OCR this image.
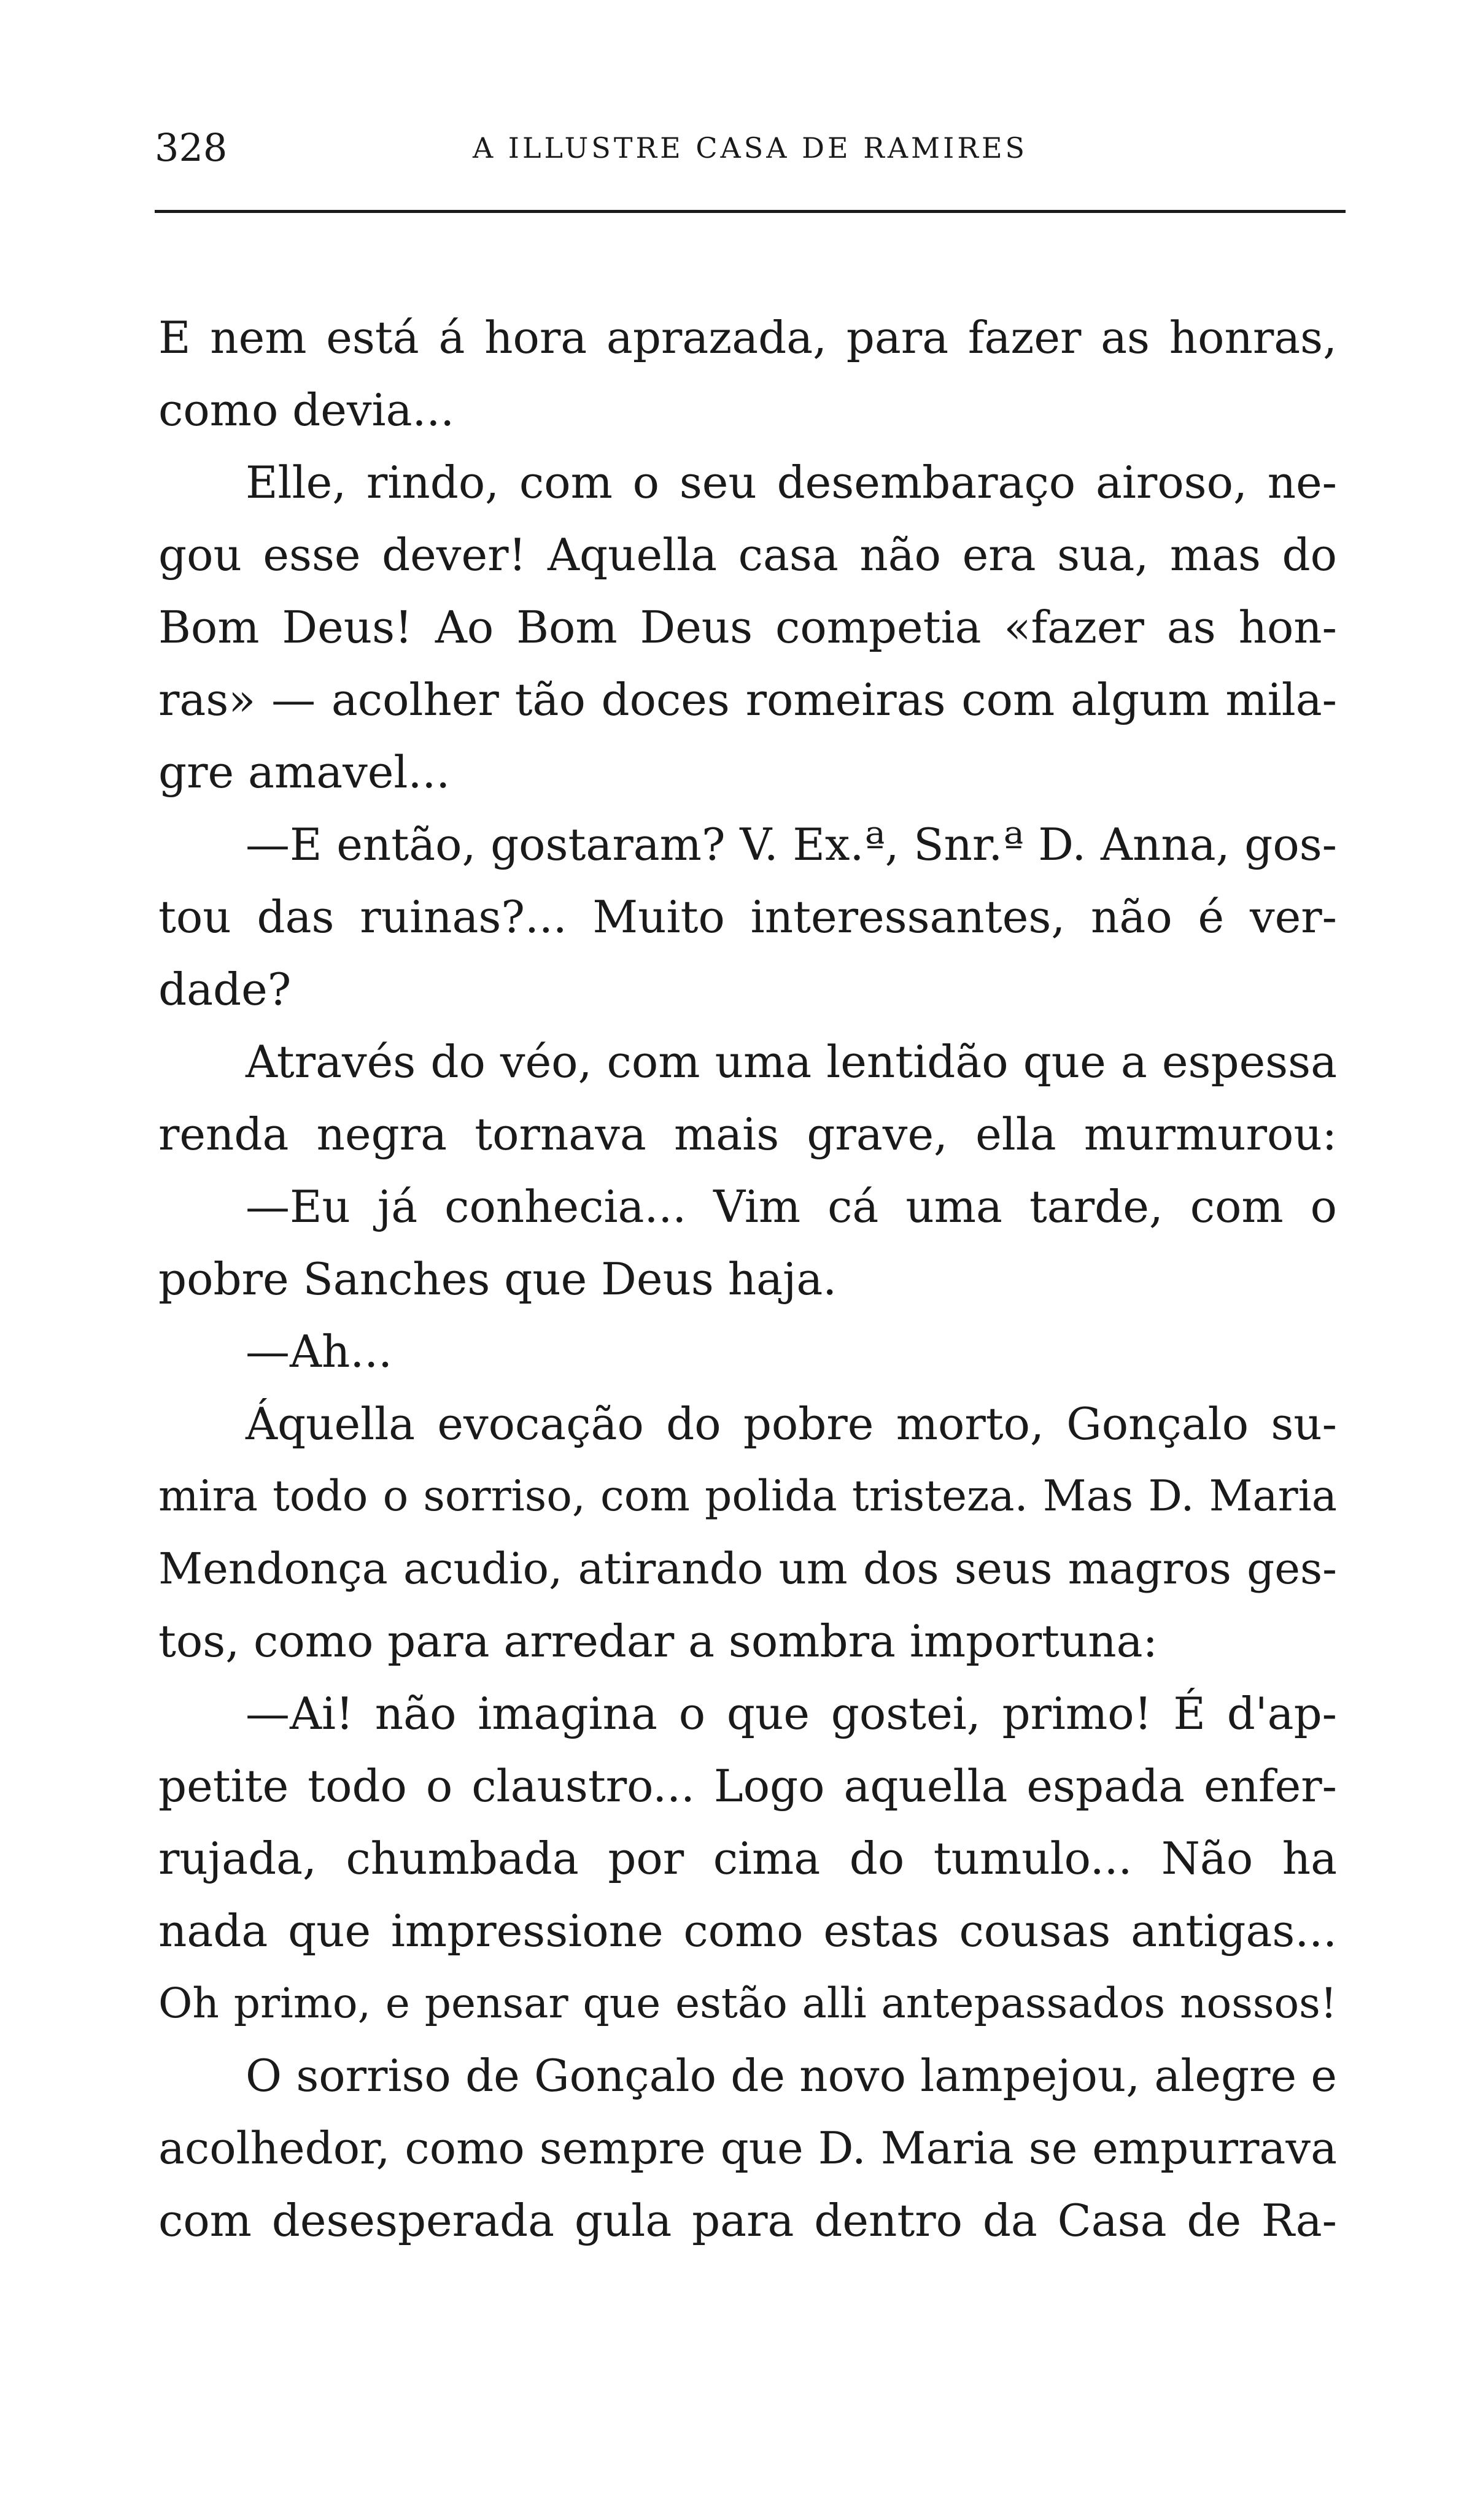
328	A ILLUSTRE CASA DE RAMIRES
E nem está á hora aprazada, para fazer as honras,
como devia...
Elle, rindo, com o seu desembaraço airoso, ne-
gou esse dever! Aquella casa não era sua, mas do
Bom Deus! Ao Bom Deus competia «fazer as hon-
ras» — acolher tão doces romeiras com algum mila-
gre amavel...
—E então, gostaram? V. Ex.ª, Snr.ª D. Anna, gos-
tou das ruinas?... Muito interessantes, não é ver-
dade?
Através do véo, com uma lentidão que a espessa
renda negra tornava mais grave, ella murmurou:
—Eu já conhecia... Vim cá uma tarde, com o
pobre Sanches que Deus haja.
—Ah...
Áquella evocação do pobre morto, Gonçalo su-
mira todo o sorriso, com polida tristeza. Mas D. Maria
Mendonça acudio, atirando um dos seus magros ges-
tos, como para arredar a sombra importuna:
—Ai! não imagina o que gostei, primo! É d'ap-
petite todo o claustro... Logo aquella espada enfer-
rujada, chumbada por cima do tumulo... Não ha
nada que impressione como estas cousas antigas...
Oh primo, e pensar que estão alli antepassados nossos!
O sorriso de Gonçalo de novo lampejou, alegre e
acolhedor, como sempre que D. Maria se empurrava
com desesperada gula para dentro da Casa de Ra-
